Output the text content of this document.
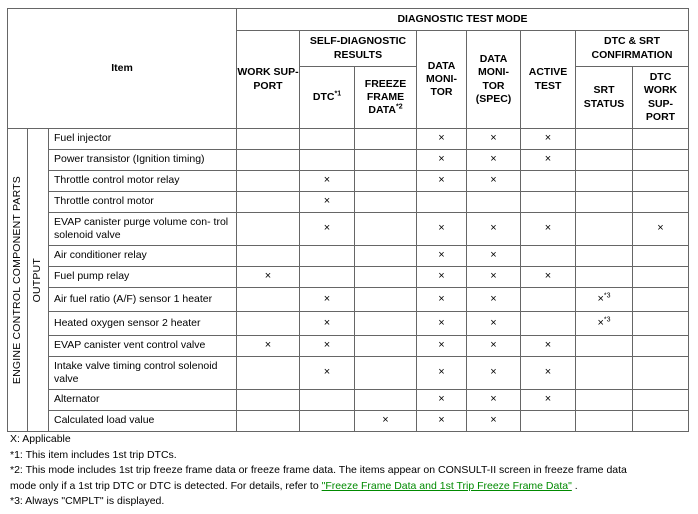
Item			DIAGNOSTIC TEST MODE							
			WORK SUP- PORT	SELF-DIAGNOSTIC RESULTS		DATA MONI- TOR	DATA MONI- TOR (SPEC)	ACTIVE TEST	DTC & SRT CONFIRMATION	
				DTC$^{*1}$	FREEZE FRAME DATA$^{*2}$				SRT STATUS	DTC WORK SUP- PORT

ENGINE CONTROL COMPONENT PARTS	OUTPUT	Fuel injector				×	×	×		
		Power transistor (Ignition timing)				×	×	×		
		Throttle control motor relay		×		×	×			
		Throttle control motor		×						
		EVAP canister purge volume con- trol solenoid valve		×		×	×	×		×
		Air conditioner relay				×	×			
		Fuel pump relay	×			×	×	×		
		Air fuel ratio (A/F) sensor 1 heater		×		×	×		×$^{*3}$	
		Heated oxygen sensor 2 heater		×		×	×		×$^{*3}$	
		EVAP canister vent control valve	×	×		×	×	×		
		Intake valve timing control solenoid valve		×		×	×	×		
		Alternator				×	×	×		
		Calculated load value			×	×	×			
X: Applicable
*1: This item includes 1st trip DTCs.
*2: This mode includes 1st trip freeze frame data or freeze frame data. The items appear on CONSULT-II screen in freeze frame data
mode only if a 1st trip DTC or DTC is detected. For details, refer to "Freeze Frame Data and 1st Trip Freeze Frame Data" .
*3: Always "CMPLT" is displayed.
